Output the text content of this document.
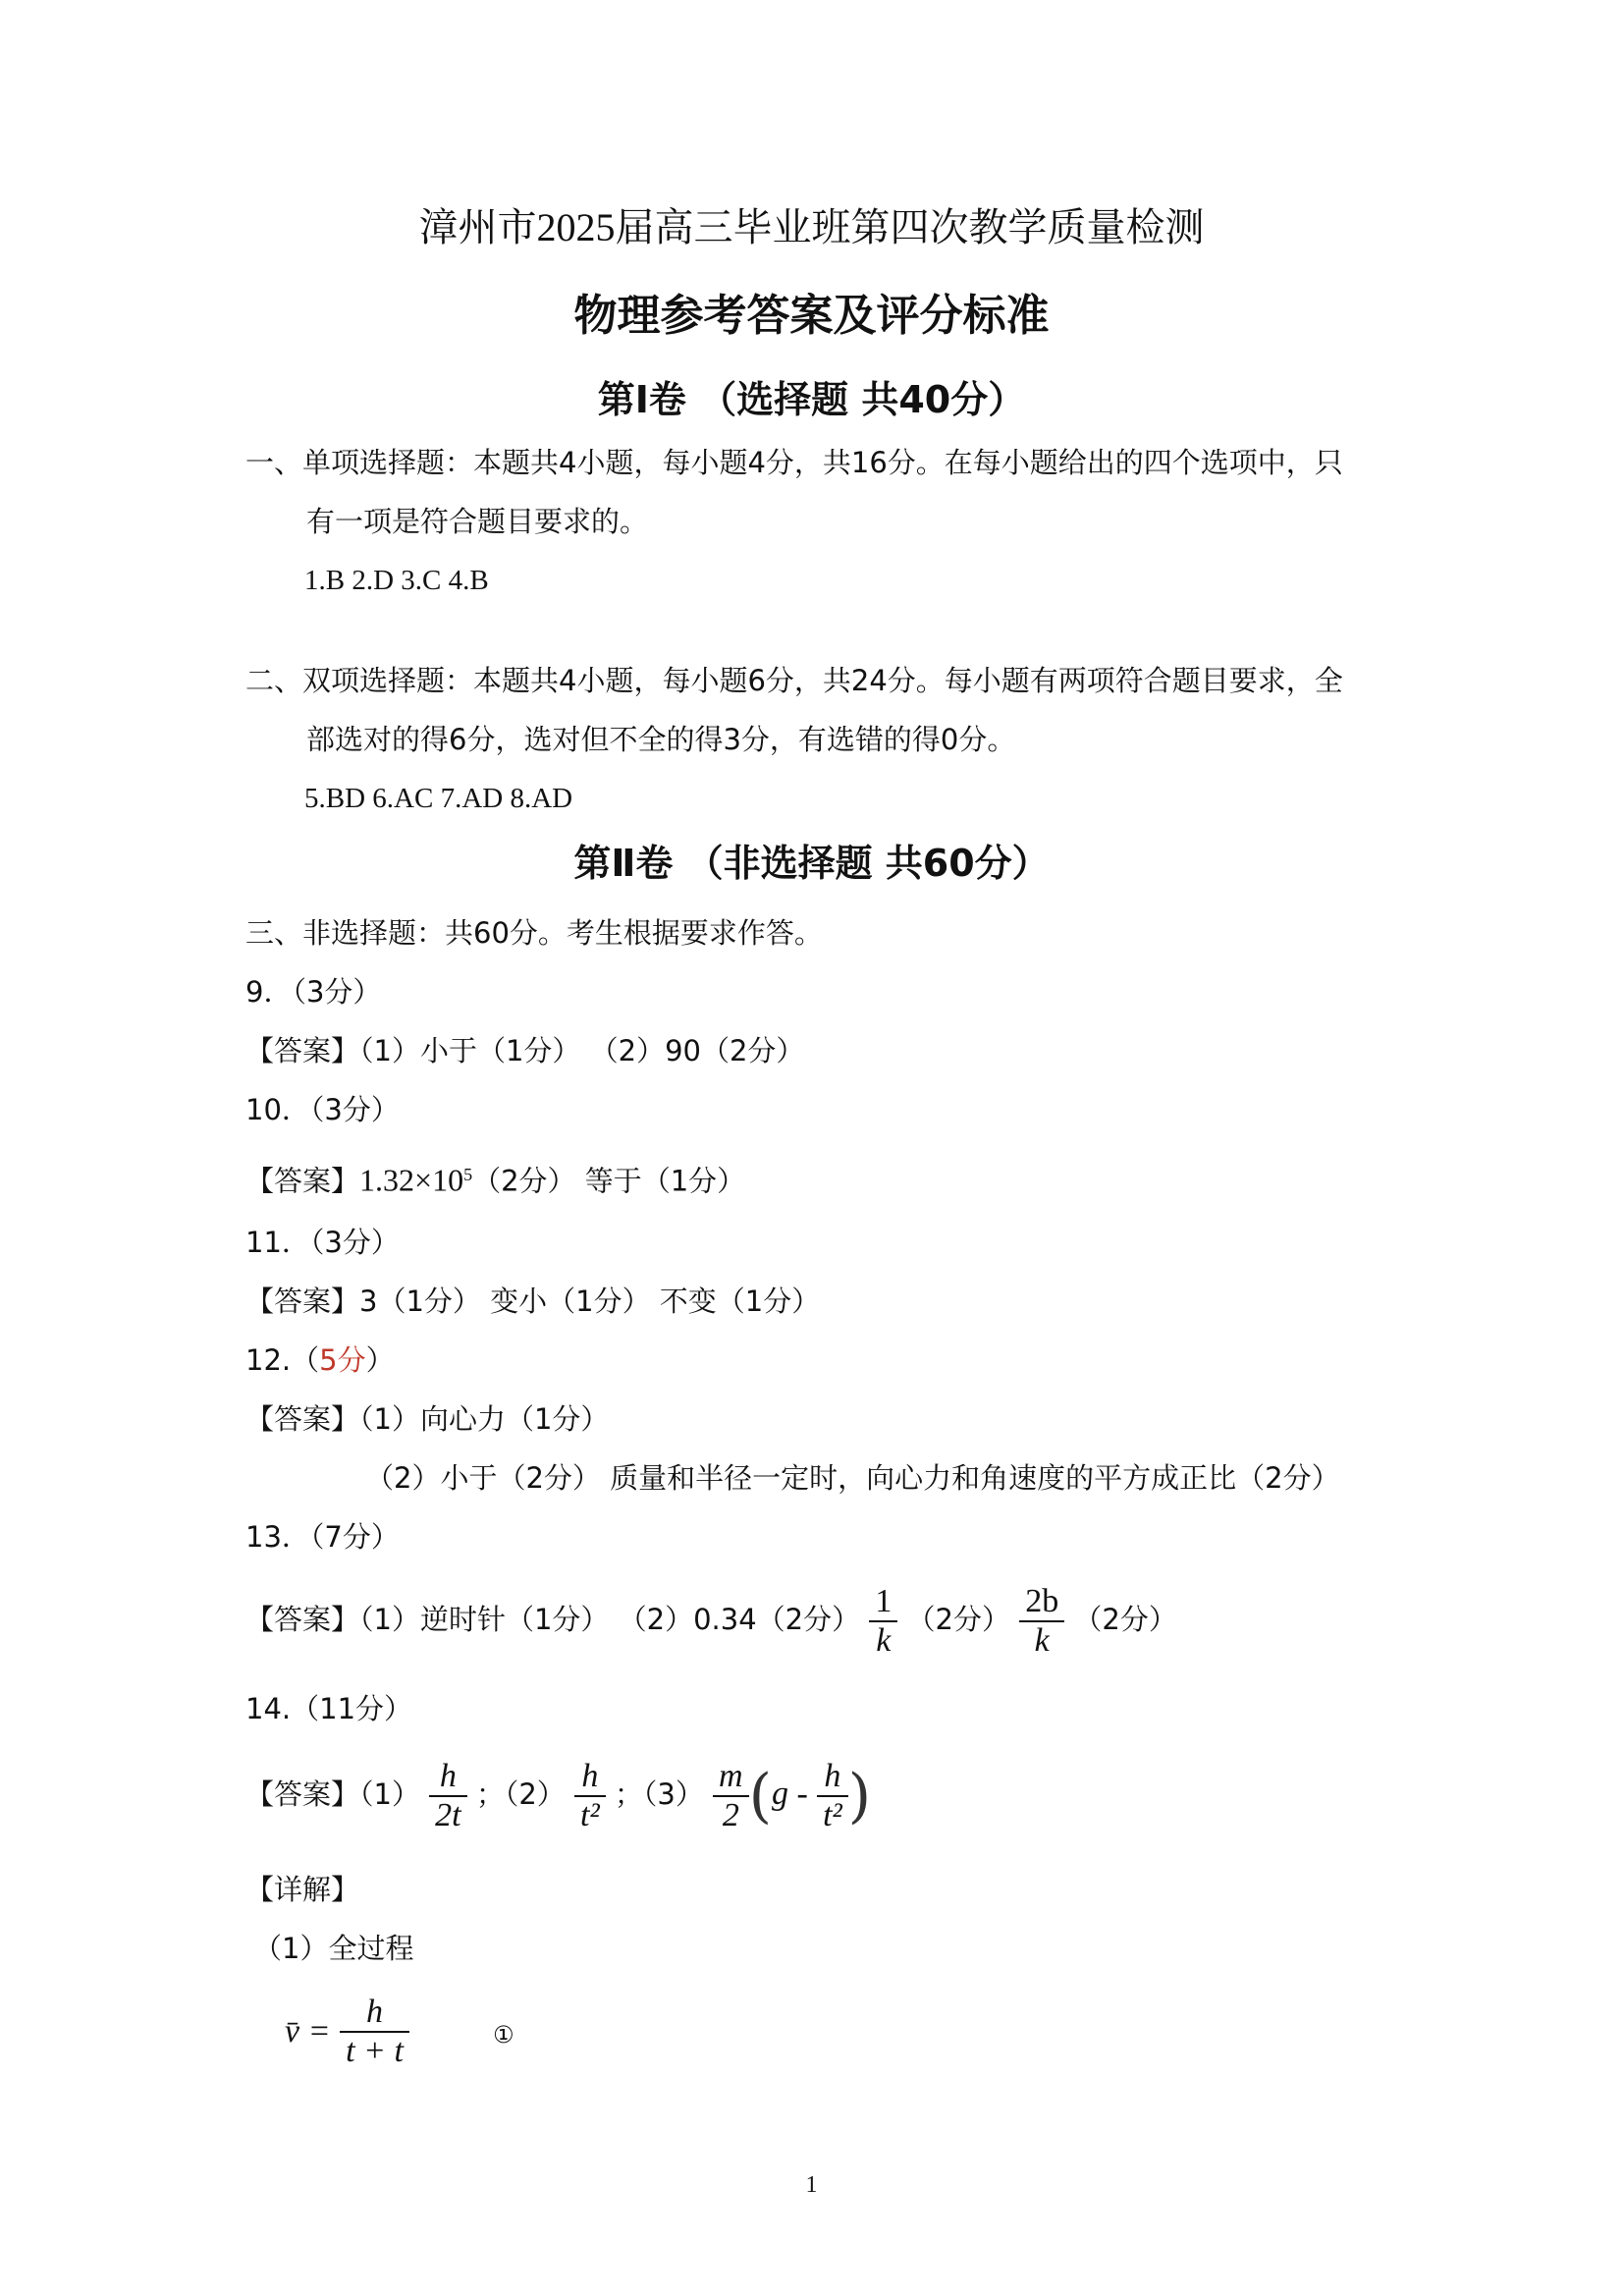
漳州市2025届高三毕业班第四次教学质量检测
物理参考答案及评分标准
第Ⅰ卷 （选择题 共40分）
一、单项选择题：本题共4小题，每小题4分，共16分。在每小题给出的四个选项中，只
有一项是符合题目要求的。
1.B 2.D 3.C 4.B
二、双项选择题：本题共4小题，每小题6分，共24分。每小题有两项符合题目要求，全
部选对的得6分，选对但不全的得3分，有选错的得0分。
5.BD 6.AC 7.AD 8.AD
第Ⅱ卷 （非选择题 共60分）
三、非选择题：共60分。考生根据要求作答。
9．（3分）
【答案】（1）小于（1分） （2）90（2分）
10．（3分）
【答案】$1.32\times 10^5(2$分） 等于（1分）
11．（3分）
【答案】3（1分） 变小（1分） 不变（1分）
12.（5分）
【答案】（1）向心力（1分）
（2）小于（2分） 质量和半径一定时，向心力和角速度的平方成正比（2分）
13．（7分）
【答案】（1）逆时针（1分） （2）0.34（2分） $\frac{1}{k} (2$分） $\frac{2b}{k} (2$分）
14.（11分）
【答案】$(1) \frac{h}{2t}$ ；$(2) \frac{h}{\text{t²}}$ ；$(3) \frac{m}{2} (g - \frac{h}{\text{t²}}$ )
【详解】
（1）全过程
v̄ = $\frac{h}{t + t}$	①
1
